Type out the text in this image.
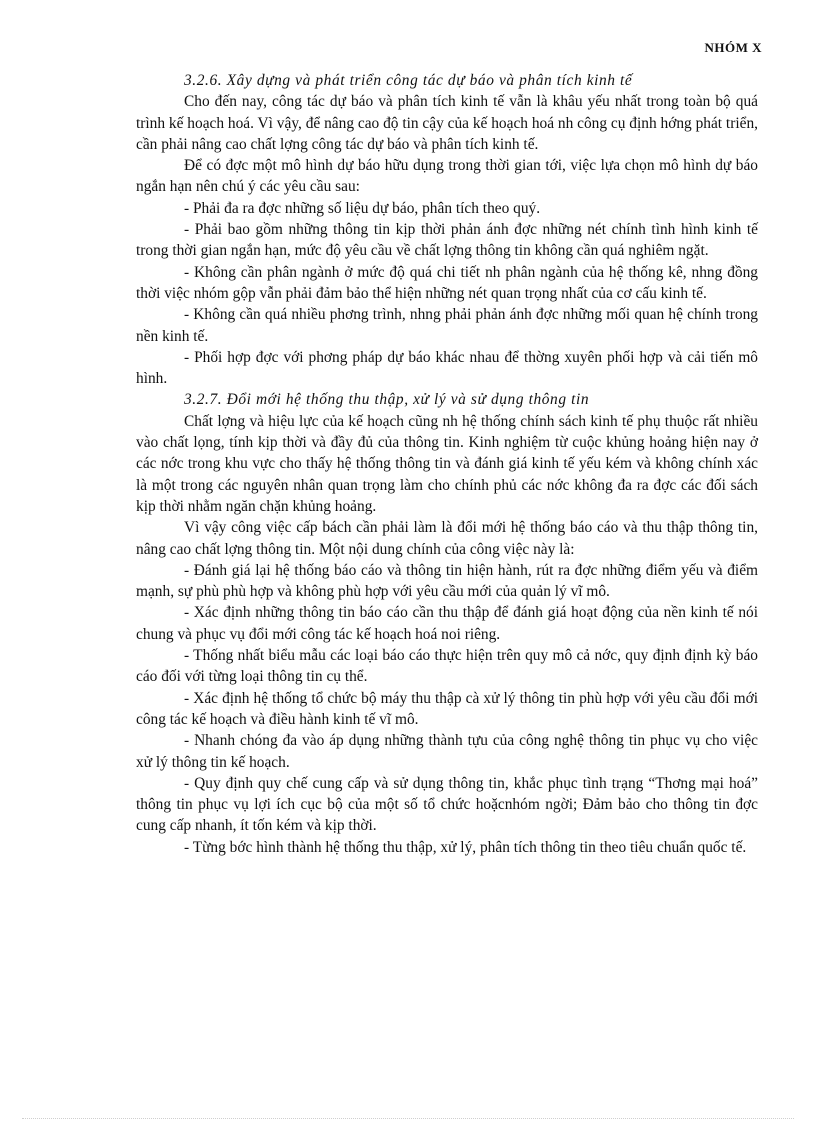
NHÓM X

3.2.6. Xây dựng và phát triển công tác dự báo và phân tích kinh tế

Cho đến nay, công tác dự báo và phân tích kinh tế vẫn là khâu yếu nhất trong toàn bộ quá trình kế hoạch hoá. Vì vậy, để nâng cao độ tin cậy của kế hoạch hoá nh công cụ định hớng phát triển, cần phải nâng cao chất lợng công tác dự báo và phân tích kinh tế.

Để có đợc một mô hình dự báo hữu dụng trong thời gian tới, việc lựa chọn mô hình dự báo ngắn hạn nên chú ý các yêu cầu sau:

- Phải đa ra đợc những số liệu dự báo, phân tích theo quý.

- Phải bao gồm những thông tin kịp thời phản ánh đợc những nét chính tình hình kinh tế trong thời gian ngắn hạn, mức độ yêu cầu về chất lợng thông tin không cần quá nghiêm ngặt.

- Không cần phân ngành ở mức độ quá chi tiết nh phân ngành của hệ thống kê, nhng đồng thời việc nhóm gộp vẫn phải đảm bảo thể hiện những nét quan trọng nhất của cơ cấu kinh tế.

- Không cần quá nhiều phơng trình, nhng phải phản ánh đợc những mối quan hệ chính trong nền kinh tế.

- Phối hợp đợc với phơng pháp dự báo khác nhau để thờng xuyên phối hợp và cải tiến mô hình.

3.2.7. Đổi mới hệ thống thu thập, xử lý và sử dụng thông tin

Chất lợng và hiệu lực của kế hoạch cũng nh hệ thống chính sách kinh tế phụ thuộc rất nhiều vào chất lọng, tính kịp thời và đầy đủ của thông tin. Kinh nghiệm từ cuộc khủng hoảng hiện nay ở các nớc trong khu vực cho thấy hệ thống thông tin và đánh giá kinh tế yếu kém và không chính xác là một trong các nguyên nhân quan trọng làm cho chính phủ các nớc không đa ra đợc các đối sách kịp thời nhằm ngăn chặn khủng hoảng.

Vì vậy công việc cấp bách cần phải làm là đổi mới hệ thống báo cáo và thu thập thông tin, nâng cao chất lợng thông tin. Một nội dung chính của công việc này là:

- Đánh giá lại hệ thống báo cáo và thông tin hiện hành, rút ra đợc những điểm yếu và điểm mạnh, sự phù phù hợp và không phù hợp với yêu cầu mới của quản lý vĩ mô.

- Xác định những thông tin báo cáo cần thu thập để đánh giá hoạt động của nền kinh tế nói chung và phục vụ đổi mới công tác kế hoạch hoá noi riêng.

- Thống nhất biểu mẫu các loại báo cáo thực hiện trên quy mô cả nớc, quy định định kỳ báo cáo đối với từng loại thông tin cụ thể.

- Xác định hệ thống tổ chức bộ máy thu thập cà xử lý thông tin phù hợp với yêu cầu đổi mới công tác kế hoạch và điều hành kinh tế vĩ mô.

- Nhanh chóng đa vào áp dụng những thành tựu của công nghệ thông tin phục vụ cho việc xử lý thông tin kế hoạch.

- Quy định quy chế cung cấp và sử dụng thông tin, khắc phục tình trạng “Thơng mại hoá” thông tin phục vụ lợi ích cục bộ của một số tổ chức hoặcnhóm ngời; Đảm bảo cho thông tin đợc cung cấp nhanh, ít tốn kém và kịp thời.

- Từng bớc hình thành hệ thống thu thập, xử lý, phân tích thông tin theo tiêu chuẩn quốc tế.
